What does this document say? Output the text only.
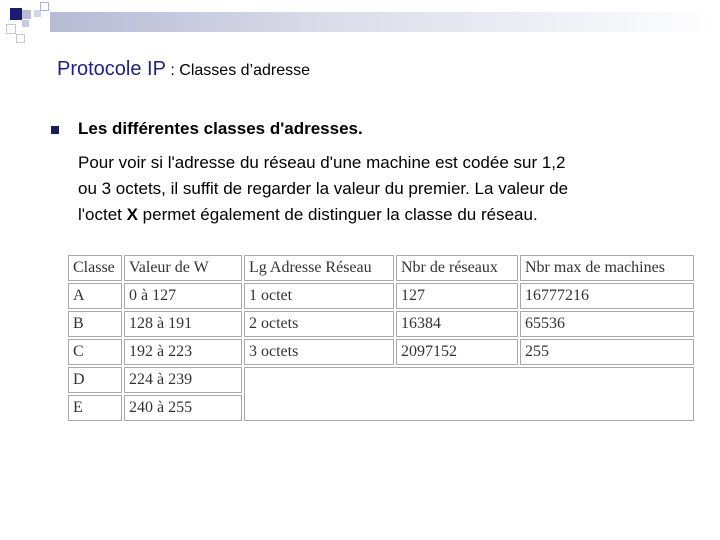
Protocole IP : Classes d’adresse
Les différentes classes d'adresses.

Pour voir si l'adresse du réseau d'une machine est codée sur 1,2

ou 3 octets, il suffit de regarder la valeur du premier. La valeur de

l'octet X permet également de distinguer la classe du réseau.

Classe	Valeur de W	Lg Adresse Réseau	Nbr de réseaux	Nbr max de machines
A	0 à 127	1 octet	127	16777216
B	128 à 191	2 octets	16384	65536
C	192 à 223	3 octets	2097152	255
D	224 à 239			
E	240 à 255			
